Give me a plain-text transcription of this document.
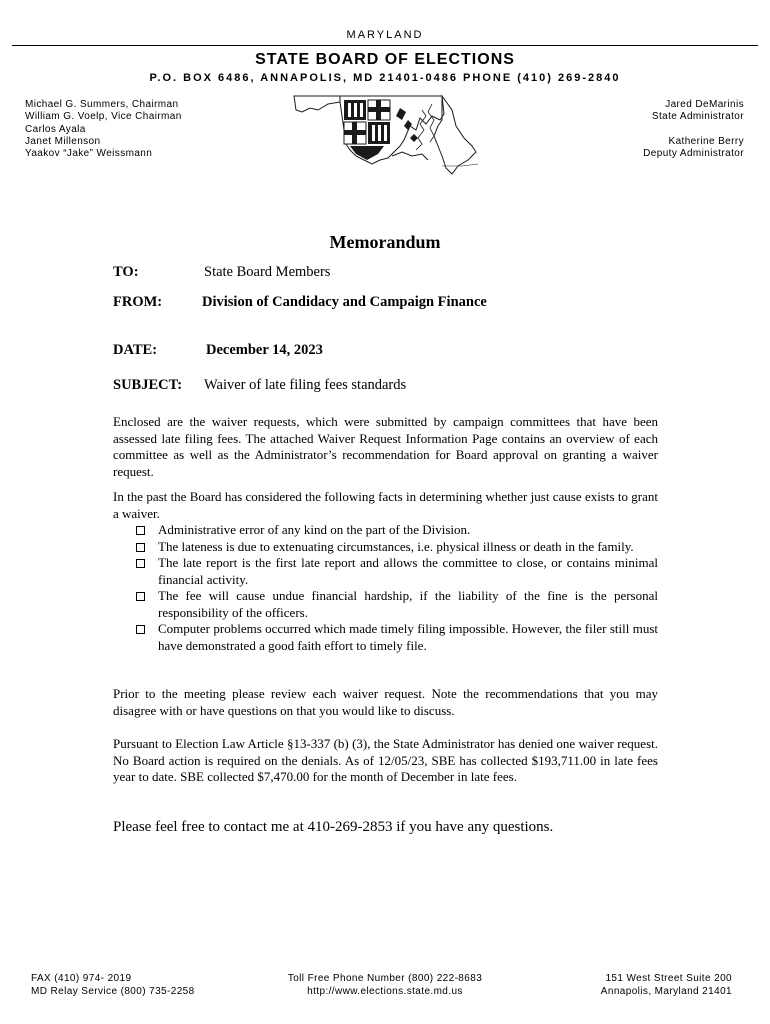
MARYLAND
STATE BOARD OF ELECTIONS
P.O. BOX 6486, ANNAPOLIS, MD 21401-0486 PHONE (410) 269-2840
Michael G. Summers, Chairman
William G. Voelp, Vice Chairman
Carlos Ayala
Janet Millenson
Yaakov “Jake” Weissmann
Jared DeMarinis
State Administrator
Katherine Berry
Deputy Administrator
Memorandum
TO:	State Board Members
FROM:	Division of Candidacy and Campaign Finance
DATE:	December 14, 2023
SUBJECT: Waiver of late filing fees standards

Enclosed are the waiver requests, which were submitted by campaign committees that have been assessed late filing fees. The attached Waiver Request Information Page contains an overview of each committee as well as the Administrator’s recommendation for Board approval on granting a waiver request.

In the past the Board has considered the following facts in determining whether just cause exists to grant a waiver.

Administrative error of any kind on the part of the Division.
The lateness is due to extenuating circumstances, i.e. physical illness or death in the family.
The late report is the first late report and allows the committee to close, or contains minimal financial activity.
The fee will cause undue financial hardship, if the liability of the fine is the personal responsibility of the officers.
Computer problems occurred which made timely filing impossible. However, the filer still must have demonstrated a good faith effort to timely file.

Prior to the meeting please review each waiver request. Note the recommendations that you may disagree with or have questions on that you would like to discuss.

Pursuant to Election Law Article §13-337 (b) (3), the State Administrator has denied one waiver request. No Board action is required on the denials. As of 12/05/23, SBE has collected $193,711.00 in late fees year to date. SBE collected $7,470.00 for the month of December in late fees.

Please feel free to contact me at 410-269-2853 if you have any questions.
FAX (410) 974- 2019
MD Relay Service (800) 735-2258
Toll Free Phone Number (800) 222-8683
http://www.elections.state.md.us
151 West Street Suite 200
Annapolis, Maryland 21401
